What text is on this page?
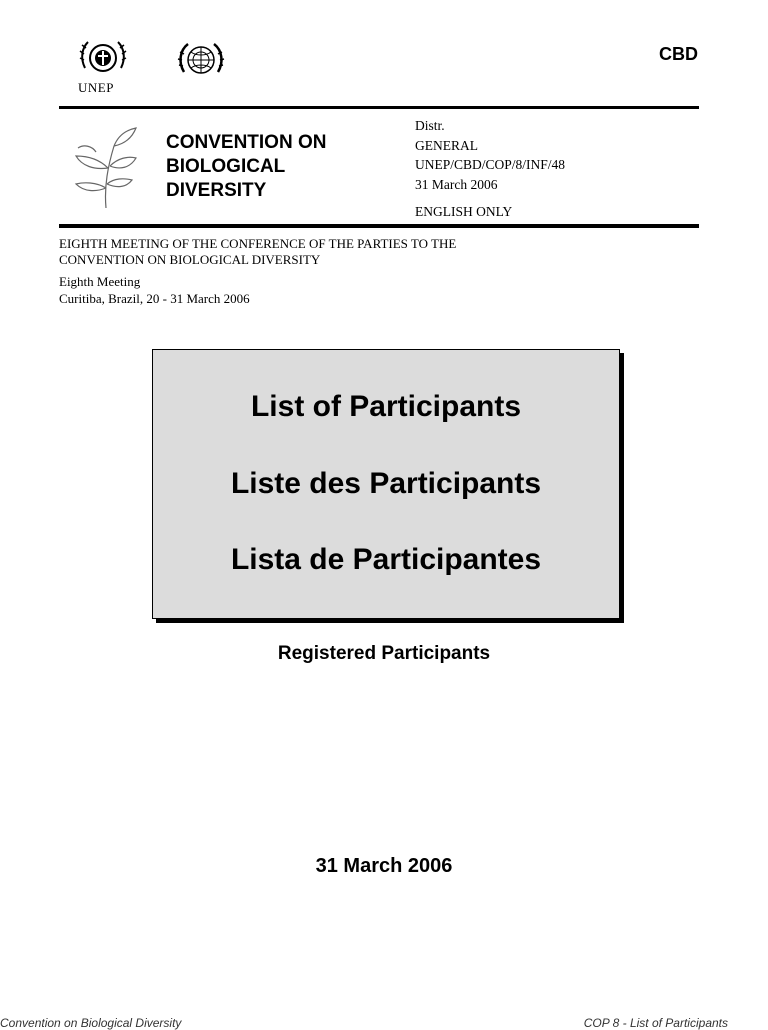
UNEP
CBD
CONVENTION ON
BIOLOGICAL
DIVERSITY
Distr.
GENERAL
UNEP/CBD/COP/8/INF/48
31 March 2006
ENGLISH ONLY
EIGHTH MEETING OF THE CONFERENCE OF THE PARTIES TO THE
CONVENTION ON BIOLOGICAL DIVERSITY
Eighth Meeting
Curitiba, Brazil, 20 - 31 March 2006
List of Participants
Liste des Participants
Lista de Participantes
Registered Participants
31 March 2006
Convention on Biological Diversity	COP 8 - List of Participants
